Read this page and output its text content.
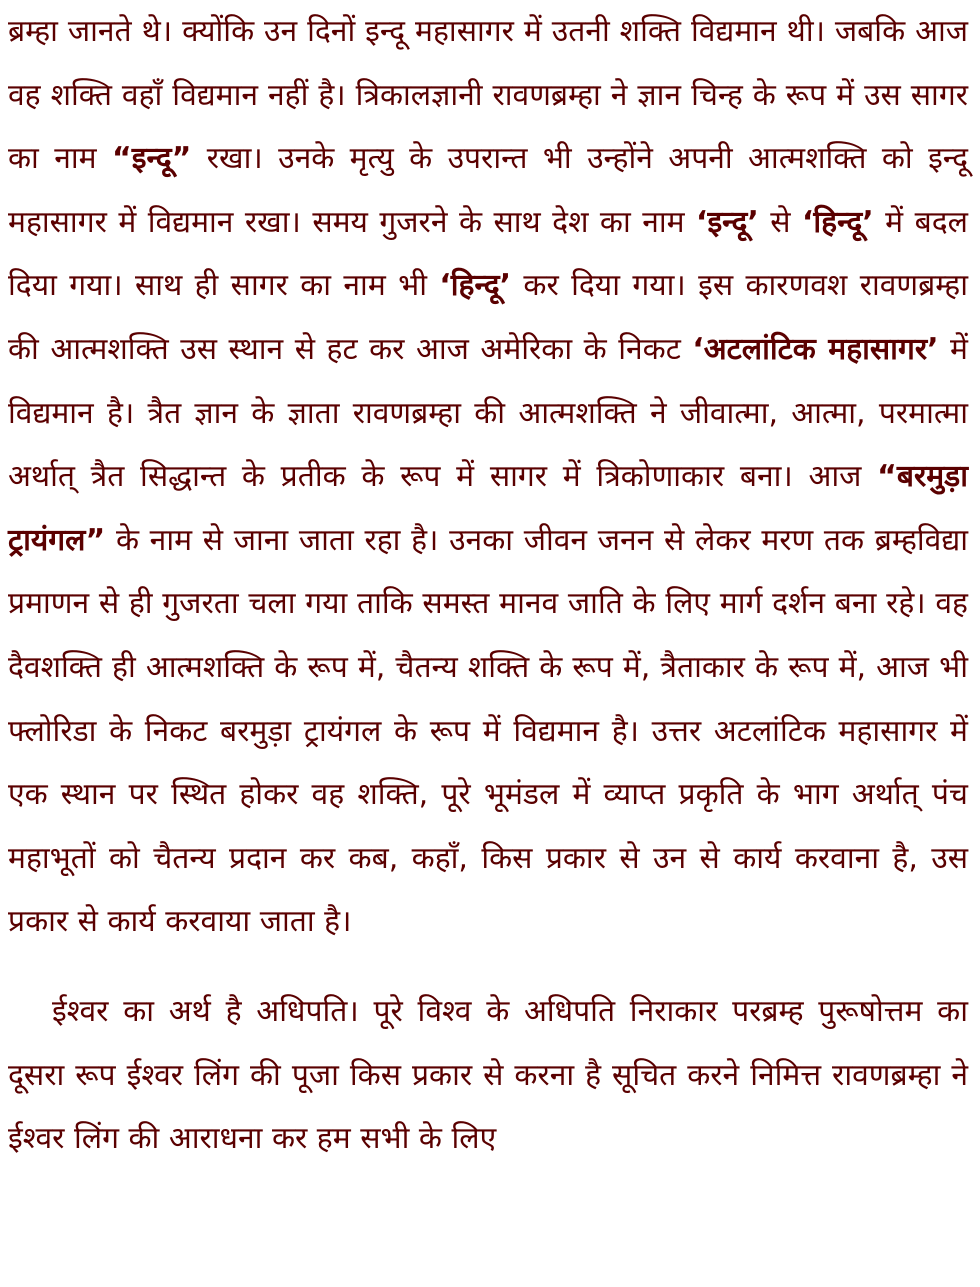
ब्रम्हा जानते थे। क्योंकि उन दिनों इन्दू महासागर में उतनी शक्ति विद्यमान थी। जबकि आज वह शक्ति वहाँ विद्यमान नहीं है। त्रिकालज्ञानी रावणब्रम्हा ने ज्ञान चिन्ह के रूप में उस सागर का नाम “इन्दू” रखा। उनके मृत्यु के उपरान्त भी उन्होंने अपनी आत्मशक्ति को इन्दू महासागर में विद्यमान रखा। समय गुजरने के साथ देश का नाम ‘इन्दू’ से ‘हिन्दू’ में बदल दिया गया। साथ ही सागर का नाम भी ‘हिन्दू’ कर दिया गया। इस कारणवश रावणब्रम्हा की आत्मशक्ति उस स्थान से हट कर आज अमेरिका के निकट ‘अटलांटिक महासागर’ में विद्यमान है। त्रैत ज्ञान के ज्ञाता रावणब्रम्हा की आत्मशक्ति ने जीवात्मा, आत्मा, परमात्मा अर्थात् त्रैत सिद्धान्त के प्रतीक के रूप में सागर में त्रिकोणाकार बना। आज “बरमुड़ा ट्रायंगल” के नाम से जाना जाता रहा है। उनका जीवन जनन से लेकर मरण तक ब्रम्हविद्या प्रमाणन से ही गुजरता चला गया ताकि समस्त मानव जाति के लिए मार्ग दर्शन बना रहे। वह दैवशक्ति ही आत्मशक्ति के रूप में, चैतन्य शक्ति के रूप में, त्रैताकार के रूप में, आज भी फ्लोरिडा के निकट बरमुड़ा ट्रायंगल के रूप में विद्यमान है। उत्तर अटलांटिक महासागर में एक स्थान पर स्थित होकर वह शक्ति, पूरे भूमंडल में व्याप्त प्रकृति के भाग अर्थात् पंच महाभूतों को चैतन्य प्रदान कर कब, कहाँ, किस प्रकार से उन से कार्य करवाना है, उस प्रकार से कार्य करवाया जाता है।

ईश्वर का अर्थ है अधिपति। पूरे विश्व के अधिपति निराकार परब्रम्ह पुरूषोत्तम का दूसरा रूप ईश्वर लिंग की पूजा किस प्रकार से करना है सूचित करने निमित्त रावणब्रम्हा ने ईश्वर लिंग की आराधना कर हम सभी के लिए
